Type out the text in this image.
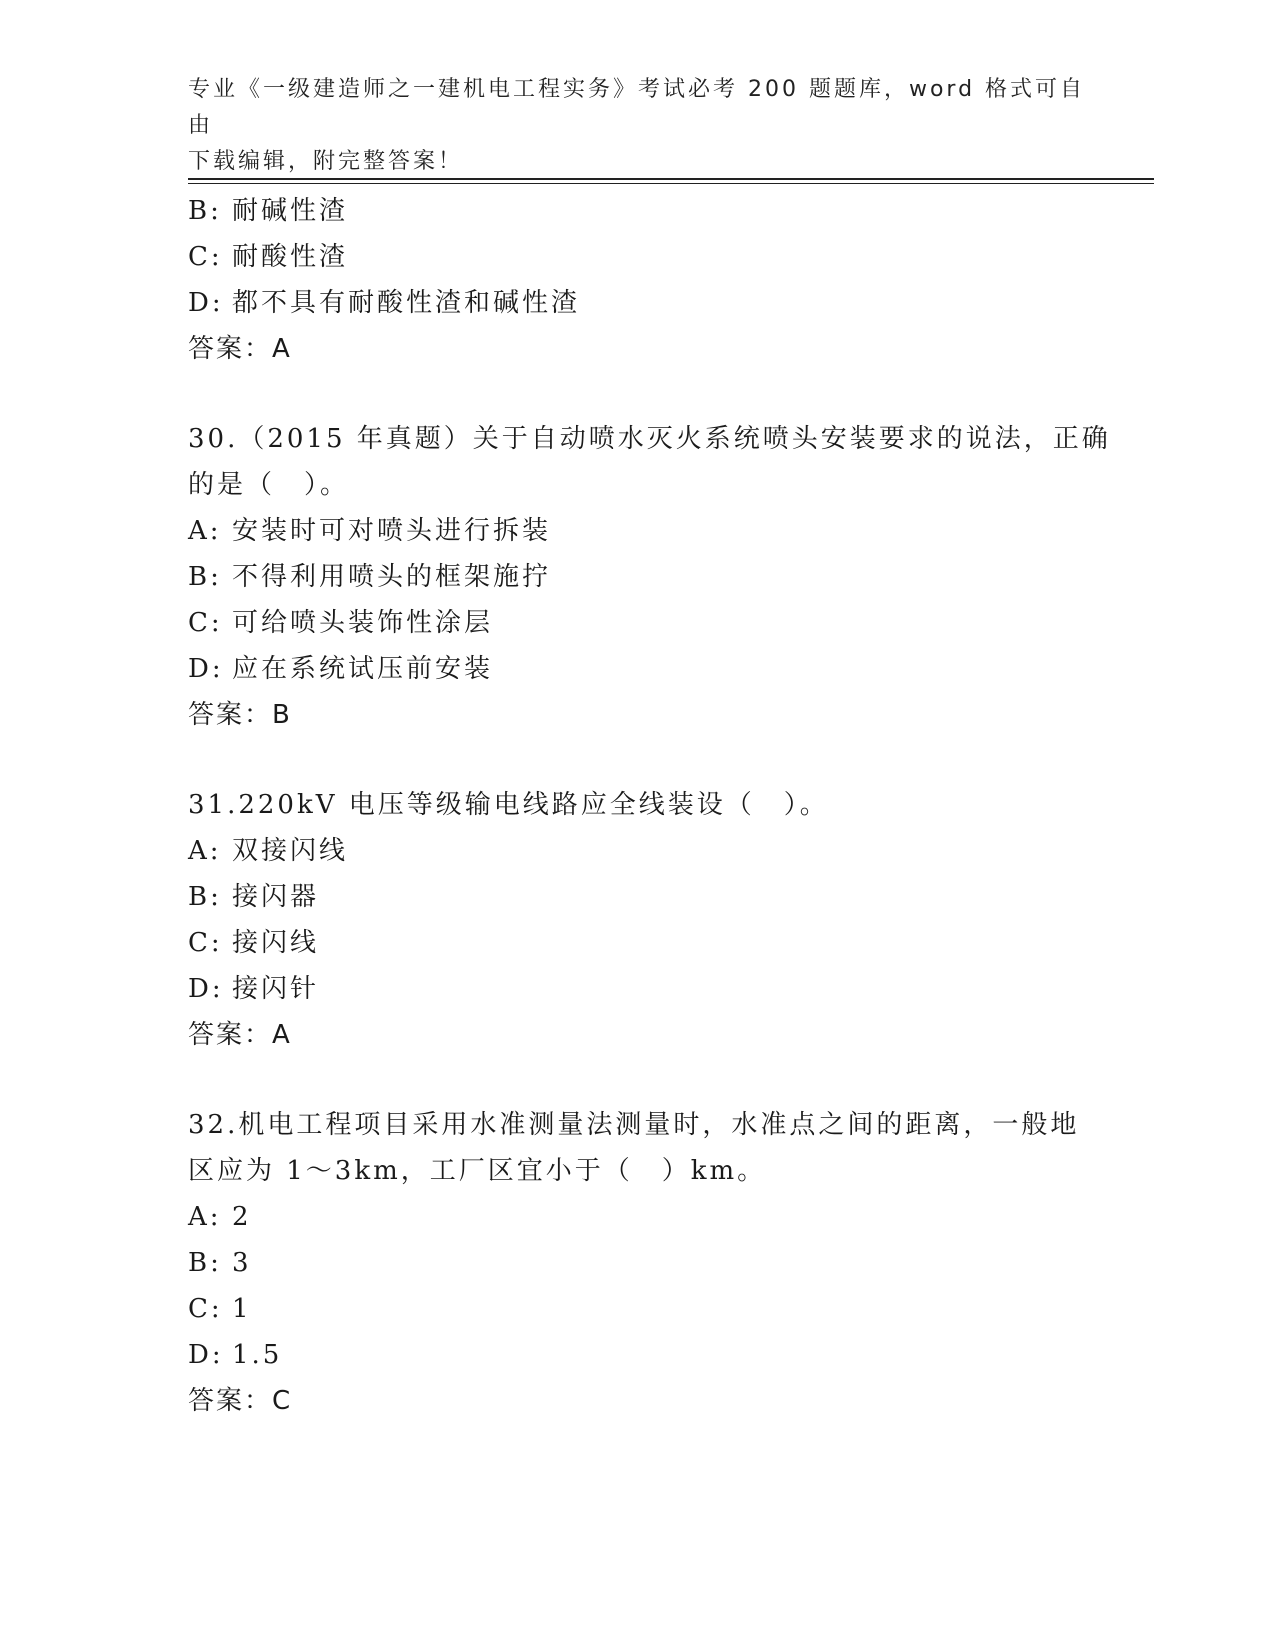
专业《一级建造师之一建机电工程实务》考试必考 200 题题库，word 格式可自由
下载编辑，附完整答案！
B: 耐碱性渣
C: 耐酸性渣
D: 都不具有耐酸性渣和碱性渣
答案：A
30.（2015 年真题）关于自动喷水灭火系统喷头安装要求的说法，正确
的是（　）。
A: 安装时可对喷头进行拆装
B: 不得利用喷头的框架施拧
C: 可给喷头装饰性涂层
D: 应在系统试压前安装
答案：B
31.220kV 电压等级输电线路应全线装设（　）。
A: 双接闪线
B: 接闪器
C: 接闪线
D: 接闪针
答案：A
32.机电工程项目采用水准测量法测量时，水准点之间的距离，一般地
区应为 1～3km，工厂区宜小于（　）km。
A: 2
B: 3
C: 1
D: 1.5
答案：C
